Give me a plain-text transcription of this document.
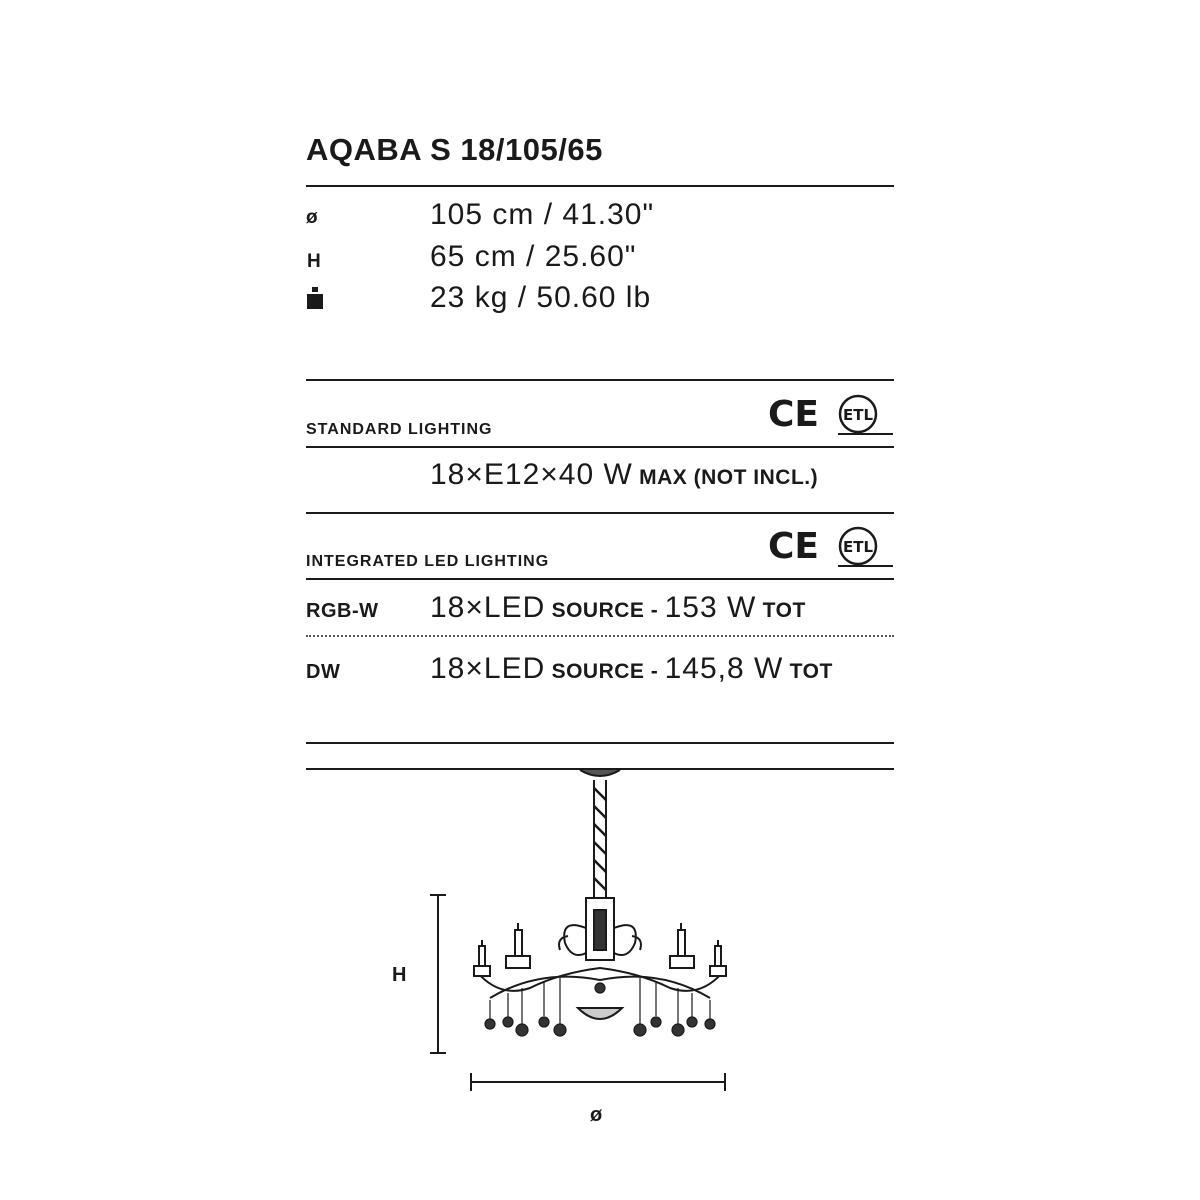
AQABA S 18/105/65
ø	105 cm / 41.30"
H	65 cm / 25.60"
23 kg / 50.60 lb
STANDARD LIGHTING	CE ETL
18×E12×40 W MAX (NOT INCL.)
INTEGRATED LED LIGHTING	CE ETL
RGB-W 18×LED SOURCE - 153 W TOT
DW	18×LED SOURCE - 145,8 W TOT
H
ø
